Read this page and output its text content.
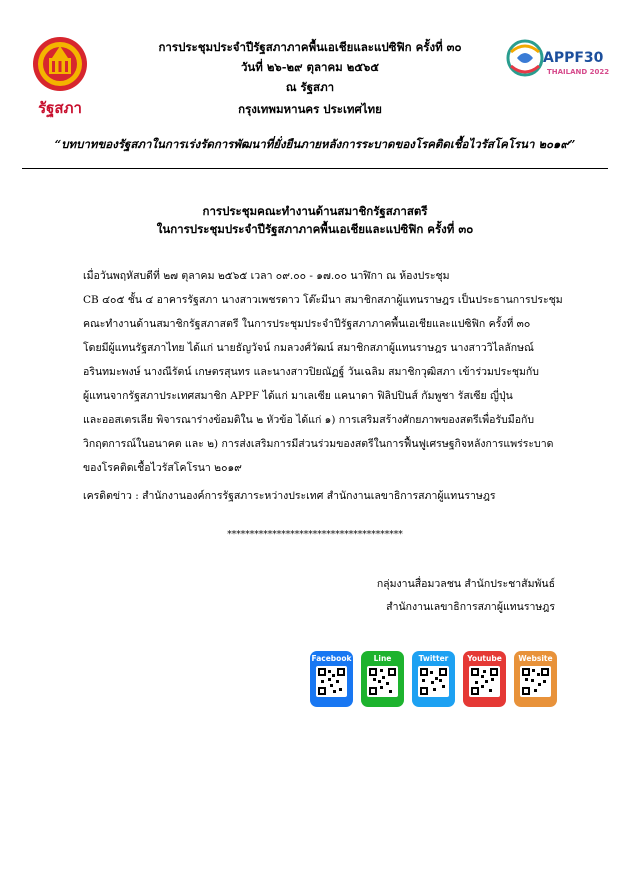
รัฐสภา
APPF30
THAILAND 2022
การประชุมประจำปีรัฐสภาภาคพื้นเอเชียและแปซิฟิก ครั้งที่ ๓๐
วันที่ ๒๖-๒๙ ตุลาคม ๒๕๖๕
ณ รัฐสภา
กรุงเทพมหานคร ประเทศไทย
“บทบาทของรัฐสภาในการเร่งรัดการพัฒนาที่ยั่งยืนภายหลังการระบาดของโรคติดเชื้อไวรัสโคโรนา ๒๐๑๙”
การประชุมคณะทำงานด้านสมาชิกรัฐสภาสตรี
ในการประชุมประจำปีรัฐสภาภาคพื้นเอเชียและแปซิฟิก ครั้งที่ ๓๐
เมื่อวันพฤหัสบดีที่ ๒๗ ตุลาคม ๒๕๖๕ เวลา ๐๙.๐๐ - ๑๗.๐๐ นาฬิกา ณ ห้องประชุม
CB ๔๐๕ ชั้น ๔ อาคารรัฐสภา นางสาวเพชรดาว โต๊ะมีนา สมาชิกสภาผู้แทนราษฎร เป็นประธานการประชุม
คณะทำงานด้านสมาชิกรัฐสภาสตรี ในการประชุมประจำปีรัฐสภาภาคพื้นเอเชียและแปซิฟิก ครั้งที่ ๓๐
โดยมีผู้แทนรัฐสภาไทย ได้แก่ นายธัญวัจน์ กมลวงศ์วัฒน์ สมาชิกสภาผู้แทนราษฎร นางสาววิไลลักษณ์
อรินทมะพงษ์ นางณีรัตน์ เกษตรสุนทร และนางสาวปิยณัฏฐ์ วันเฉลิม สมาชิกวุฒิสภา เข้าร่วมประชุมกับ
ผู้แทนจากรัฐสภาประเทศสมาชิก APPF ได้แก่ มาเลเซีย แคนาดา ฟิลิปปินส์ กัมพูชา รัสเซีย ญี่ปุ่น
และออสเตรเลีย พิจารณาร่างข้อมติใน ๒ หัวข้อ ได้แก่ ๑) การเสริมสร้างศักยภาพของสตรีเพื่อรับมือกับ
วิกฤตการณ์ในอนาคต และ ๒) การส่งเสริมการมีส่วนร่วมของสตรีในการฟื้นฟูเศรษฐกิจหลังการแพร่ระบาด
ของโรคติดเชื้อไวรัสโคโรนา ๒๐๑๙
เครดิตข่าว : สำนักงานองค์การรัฐสภาระหว่างประเทศ สำนักงานเลขาธิการสภาผู้แทนราษฎร
***************************************
กลุ่มงานสื่อมวลชน สำนักประชาสัมพันธ์
สำนักงานเลขาธิการสภาผู้แทนราษฎร
Facebook	Line	Twitter	Youtube	Website
